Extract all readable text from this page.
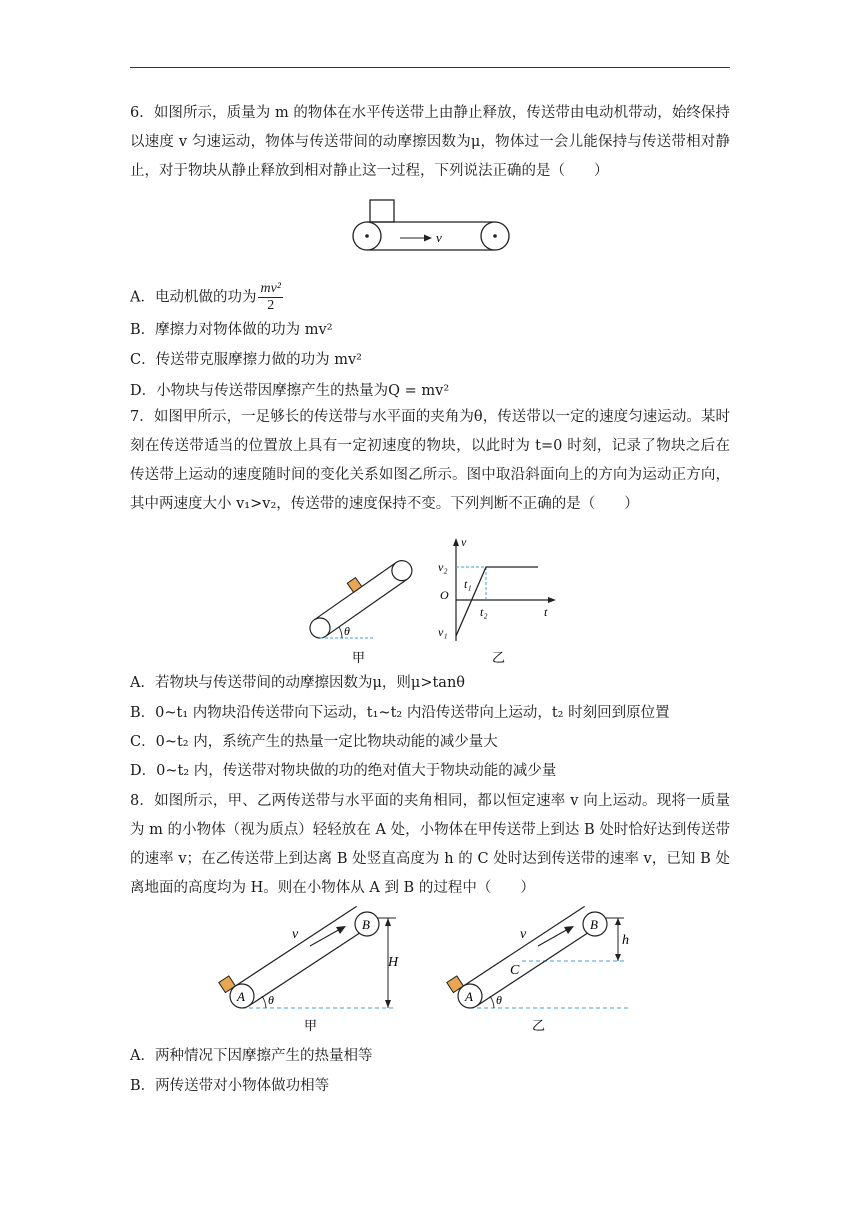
6．如图所示，质量为 m 的物体在水平传送带上由静止释放，传送带由电动机带动，始终保持以速度 v 匀速运动，物体与传送带间的动摩擦因数为μ，物体过一会儿能保持与传送带相对静止，对于物块从静止释放到相对静止这一过程，下列说法正确的是（　　）
v
A．电动机做的功为 $\frac{\text{mv²}}{2}$
B．摩擦力对物体做的功为 mv²
C．传送带克服摩擦力做的功为 mv²
D．小物块与传送带因摩擦产生的热量为Q = mv²
7．如图甲所示，一足够长的传送带与水平面的夹角为θ，传送带以一定的速度匀速运动。某时刻在传送带适当的位置放上具有一定初速度的物块，以此时为 t=0 时刻，记录了物块之后在传送带上运动的速度随时间的变化关系如图乙所示。图中取沿斜面向上的方向为运动正方向，其中两速度大小 v₁>v₂，传送带的速度保持不变。下列判断不正确的是（　　）
θ
甲
v
t
O
v₂
v₁
t₁
t₂
乙
A．若物块与传送带间的动摩擦因数为μ，则μ>tanθ
B．0~t₁ 内物块沿传送带向下运动，t₁~t₂ 内沿传送带向上运动，t₂ 时刻回到原位置
C．0~t₂ 内，系统产生的热量一定比物块动能的减少量大
D．0~t₂ 内，传送带对物块做的功的绝对值大于物块动能的减少量
8．如图所示，甲、乙两传送带与水平面的夹角相同，都以恒定速率 v 向上运动。现将一质量为 m 的小物体（视为质点）轻轻放在 A 处，小物体在甲传送带上到达 B 处时恰好达到传送带的速率 v；在乙传送带上到达离 B 处竖直高度为 h 的 C 处时达到传送带的速率 v，已知 B 处离地面的高度均为 H。则在小物体从 A 到 B 的过程中（　　）
H
A
B
v
θ
甲
h
A
B
C
v
θ
乙
A．两种情况下因摩擦产生的热量相等
B．两传送带对小物体做功相等
